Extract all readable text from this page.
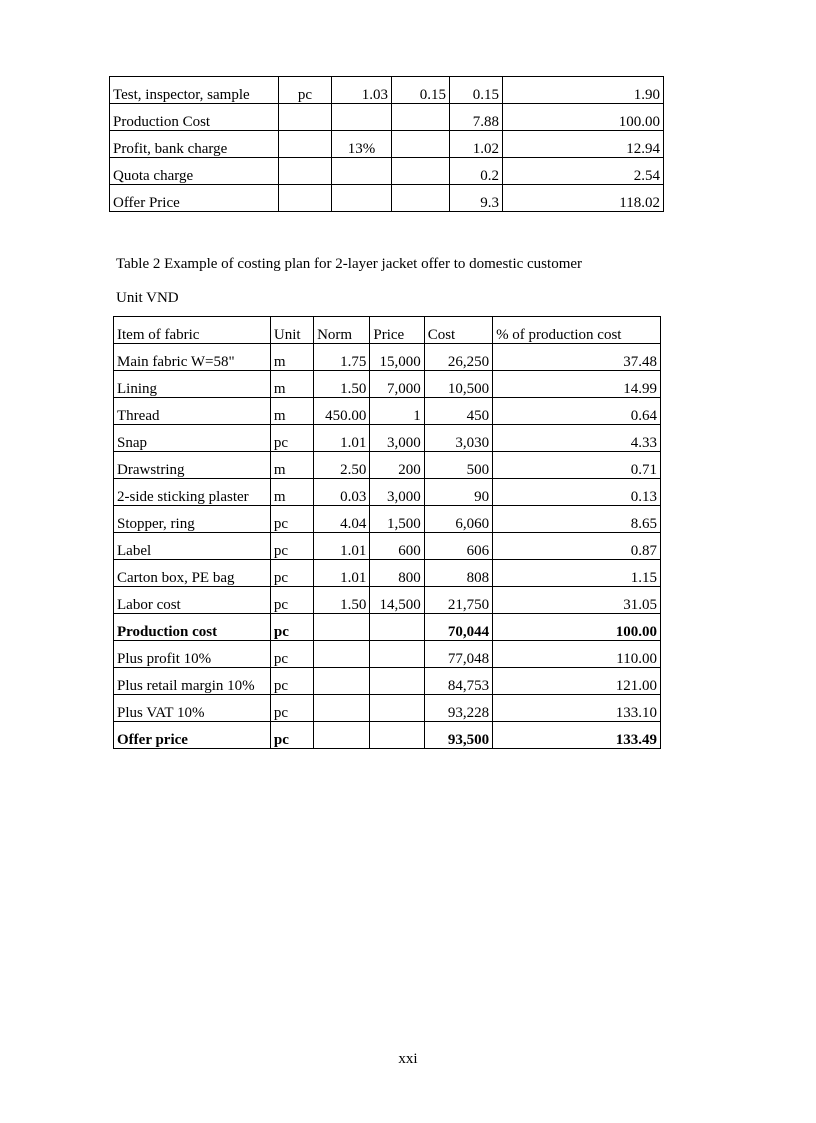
Test, inspector, sample	pc	1.03	0.15	0.15	1.90
Production Cost				7.88	100.00
Profit, bank charge		13%		1.02	12.94
Quota charge				0.2	2.54
Offer Price				9.3	118.02
Table 2 Example of costing plan for 2-layer jacket offer to domestic customer
Unit VND
Item of fabric	Unit	Norm	Price	Cost	% of production cost
Main fabric W=58"	m	1.75	15,000	26,250	37.48
Lining	m	1.50	7,000	10,500	14.99
Thread	m	450.00	1	450	0.64
Snap	pc	1.01	3,000	3,030	4.33
Drawstring	m	2.50	200	500	0.71
2-side sticking plaster	m	0.03	3,000	90	0.13
Stopper, ring	pc	4.04	1,500	6,060	8.65
Label	pc	1.01	600	606	0.87
Carton box, PE bag	pc	1.01	800	808	1.15
Labor cost	pc	1.50	14,500	21,750	31.05
Production cost	pc			70,044	100.00
Plus profit 10%	pc			77,048	110.00
Plus retail margin 10%	pc			84,753	121.00
Plus VAT 10%	pc			93,228	133.10
Offer price	pc			93,500	133.49
xxi
